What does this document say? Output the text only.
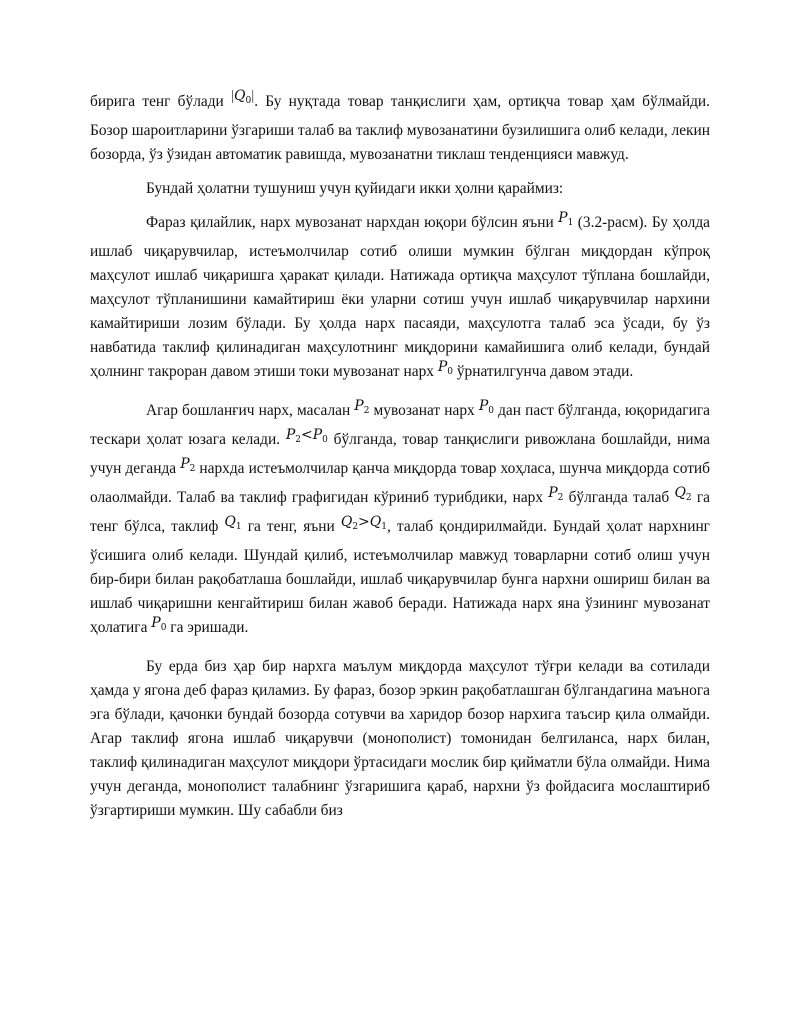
бирига тенг бўлади $|Q_0|$. Бу нуқтада товар танқислиги ҳам, ортиқча товар ҳам бўлмайди. Бозор шароитларини ўзгариши талаб ва таклиф мувозанатини бузилишига олиб келади, лекин бозорда, ўз ўзидан автоматик равишда, мувозанатни тиклаш тенденцияси мавжуд.

Бундай ҳолатни тушуниш учун қуйидаги икки ҳолни қараймиз:

Фараз қилайлик, нарх мувозанат нархдан юқори бўлсин яъни $P_1$ (3.2-расм). Бу ҳолда ишлаб чиқарувчилар, истеъмолчилар сотиб олиши мумкин бўлган миқдордан кўпроқ маҳсулот ишлаб чиқаришга ҳаракат қилади. Натижада ортиқча маҳсулот тўплана бошлайди, маҳсулот тўпланишини камайтириш ёки уларни сотиш учун ишлаб чиқарувчилар нархини камайтириши лозим бўлади. Бу ҳолда нарх пасаяди, маҳсулотга талаб эса ўсади, бу ўз навбатида таклиф қилинадиган маҳсулотнинг миқдорини камайишига олиб келади, бундай ҳолнинг такроран давом этиши токи мувозанат нарх $P_0$ ўрнатилгунча давом этади.

Агар бошланғич нарх, масалан $P_2$ мувозанат нарх $P_0$ дан паст бўлганда, юқоридагига тескари ҳолат юзага келади. $P_2<P_0$ бўлганда, товар танқислиги ривожлана бошлайди, нима учун деганда $P_2$ нархда истеъмолчилар қанча миқдорда товар хоҳласа, шунча миқдорда сотиб олаолмайди. Талаб ва таклиф графигидан кўриниб турибдики, нарх $P_2$ бўлганда талаб $Q_2$ га тенг бўлса, таклиф $Q_1$ га тенг, яъни $Q_2>Q_1$, талаб қондирилмайди. Бундай ҳолат нархнинг ўсишига олиб келади. Шундай қилиб, истеъмолчилар мавжуд товарларни сотиб олиш учун бир-бири билан рақобатлаша бошлайди, ишлаб чиқарувчилар бунга нархни ошириш билан ва ишлаб чиқаришни кенгайтириш билан жавоб беради. Натижада нарх яна ўзининг мувозанат ҳолатига $P_0$ га эришади.

Бу ерда биз ҳар бир нархга маълум миқдорда маҳсулот тўғри келади ва сотилади ҳамда у ягона деб фараз қиламиз. Бу фараз, бозор эркин рақобатлашган бўлгандагина маънога эга бўлади, қачонки бундай бозорда сотувчи ва харидор бозор нархига таъсир қила олмайди. Агар таклиф ягона ишлаб чиқарувчи (монополист) томонидан белгиланса, нарх билан, таклиф қилинадиган маҳсулот миқдори ўртасидаги мослик бир қийматли бўла олмайди. Нима учун деганда, монополист талабнинг ўзгаришига қараб, нархни ўз фойдасига мослаштириб ўзгартириши мумкин. Шу сабабли биз
